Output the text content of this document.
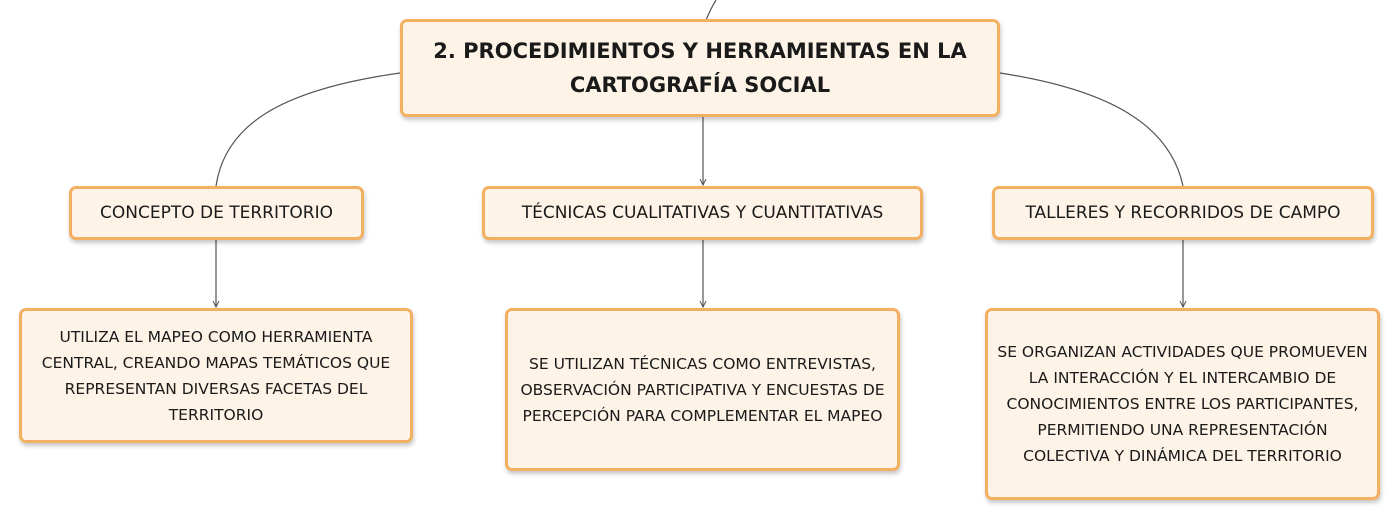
2. PROCEDIMIENTOS Y HERRAMIENTAS EN LA CARTOGRAFÍA SOCIAL
CONCEPTO DE TERRITORIO	TÉCNICAS CUALITATIVAS Y CUANTITATIVAS	TALLERES Y RECORRIDOS DE CAMPO
UTILIZA EL MAPEO COMO HERRAMIENTA CENTRAL, CREANDO MAPAS TEMÁTICOS QUE REPRESENTAN DIVERSAS FACETAS DEL TERRITORIO
SE UTILIZAN TÉCNICAS COMO ENTREVISTAS, OBSERVACIÓN PARTICIPATIVA Y ENCUESTAS DE PERCEPCIÓN PARA COMPLEMENTAR EL MAPEO
SE ORGANIZAN ACTIVIDADES QUE PROMUEVEN LA INTERACCIÓN Y EL INTERCAMBIO DE CONOCIMIENTOS ENTRE LOS PARTICIPANTES, PERMITIENDO UNA REPRESENTACIÓN COLECTIVA Y DINÁMICA DEL TERRITORIO
